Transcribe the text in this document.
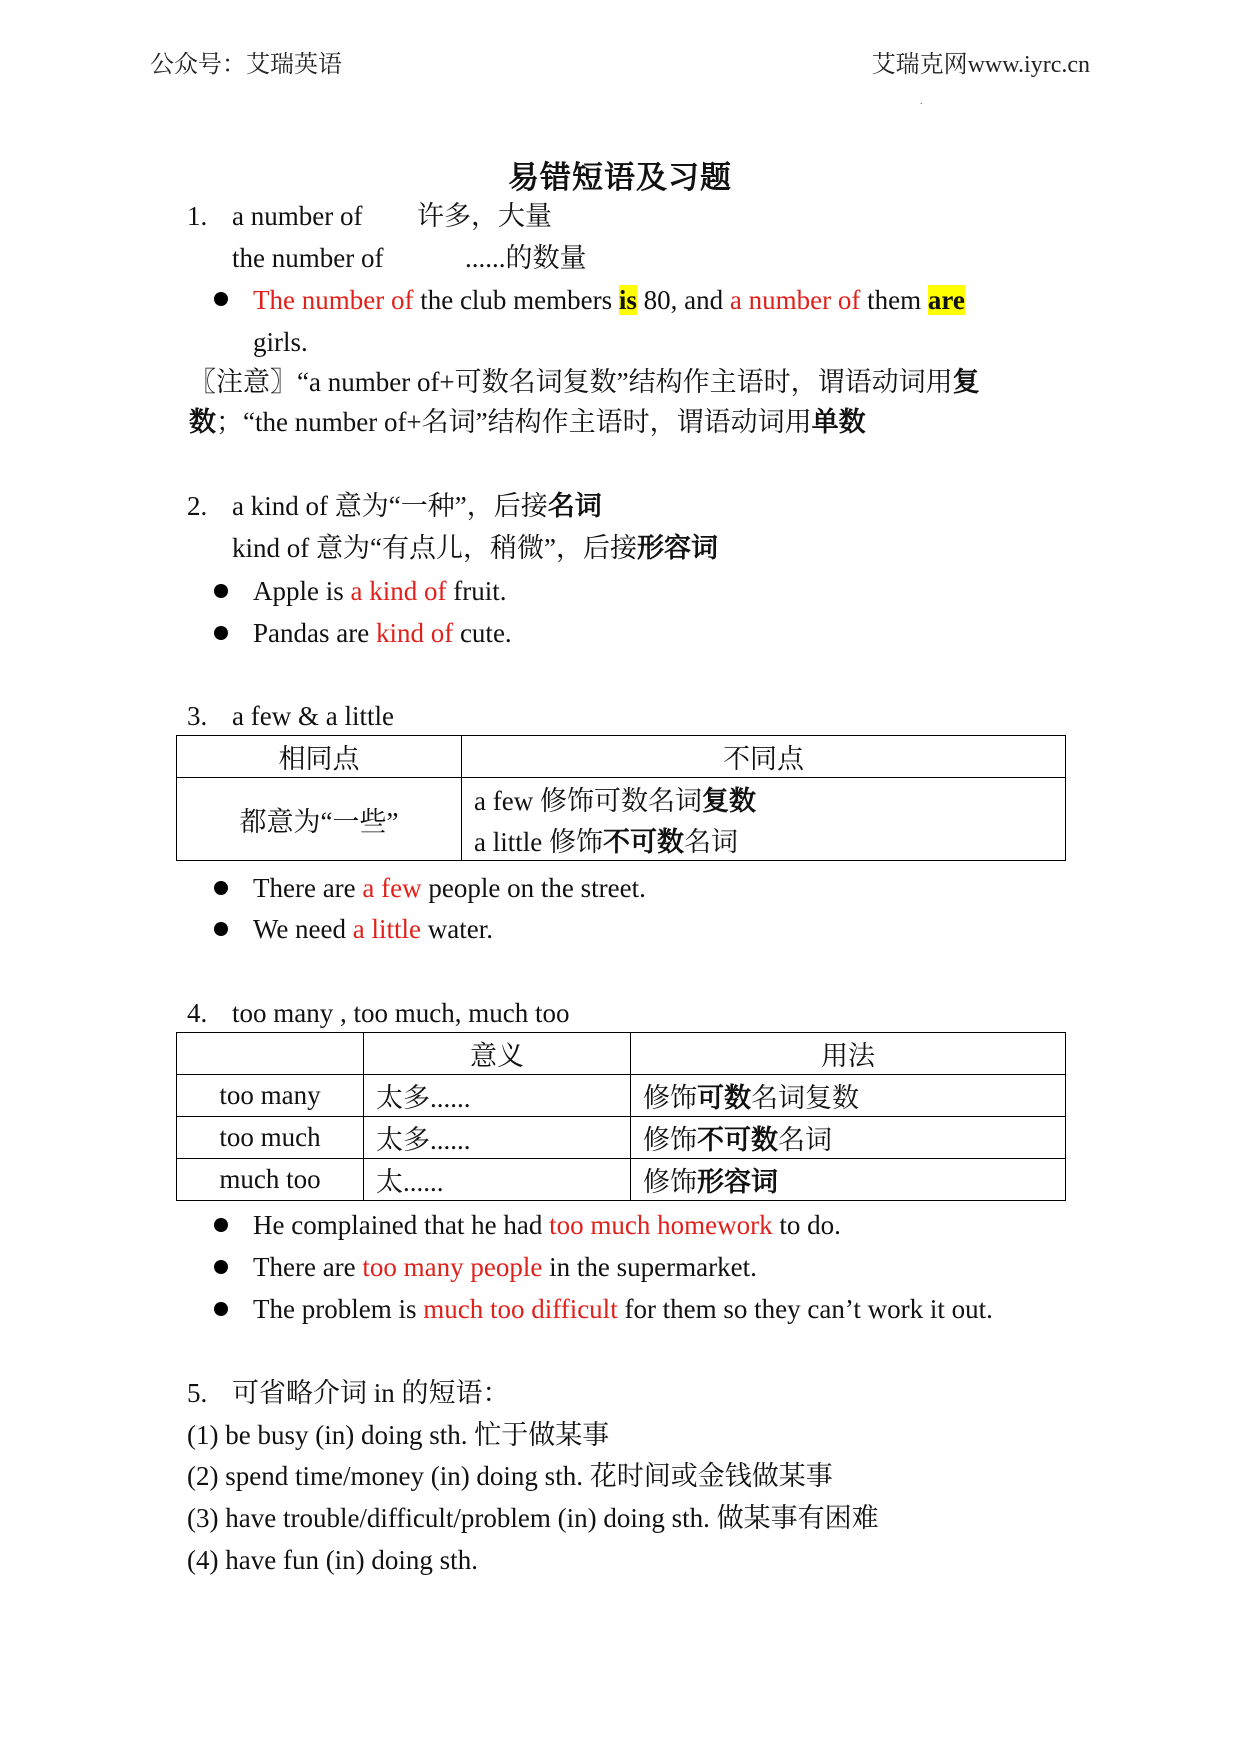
公众号：艾瑞英语	艾瑞克网www.iyrc.cn
.
易错短语及习题
1. a number of 许多，大量
the number of	......的数量
The number of the club members is 80, and a number of them are
girls.
〖注意〗“a number of+可数名词复数”结构作主语时，谓语动词用复
数；“the number of+名词”结构作主语时，谓语动词用单数
2. a kind of 意为“一种”，后接名词
kind of 意为“有点儿，稍微”，后接形容词
Apple is a kind of fruit.
Pandas are kind of cute.
3. a few & a little
相同点	不同点
都意为“一些”	a few 修饰可数名词复数
	a little 修饰不可数名词
There are a few people on the street.
We need a little water.
4. too many , too much, much too
	意义	用法
too many	太多......	修饰可数名词复数
too much	太多......	修饰不可数名词
much too	太......	修饰形容词
He complained that he had too much homework to do.
There are too many people in the supermarket.
The problem is much too difficult for them so they can’t work it out.
5. 可省略介词 in 的短语：
(1) be busy (in) doing sth. 忙于做某事
(2) spend time/money (in) doing sth. 花时间或金钱做某事
(3) have trouble/difficult/problem (in) doing sth. 做某事有困难
(4) have fun (in) doing sth.
